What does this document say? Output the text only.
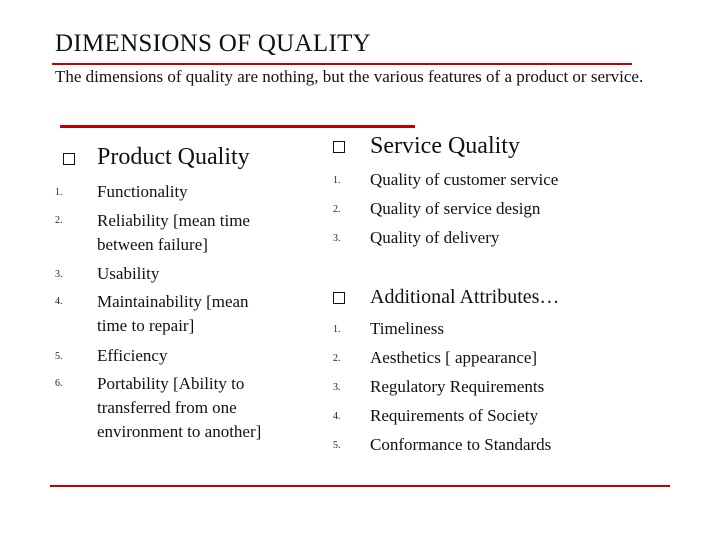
DIMENSIONS OF QUALITY
The dimensions of quality are nothing, but the various features of a product or service.
Product Quality
1.	Functionality
2.	Reliability [mean time between failure]
3.	Usability
4.	Maintainability [mean time to repair]
5.	Efficiency
6.	Portability [Ability to transferred from one environment to another]
Service Quality
1.	Quality of customer service
2.	Quality of service design
3.	Quality of delivery
Additional Attributes…
1.	Timeliness
2.	Aesthetics [ appearance]
3.	Regulatory Requirements
4.	Requirements of Society
5.	Conformance to Standards
